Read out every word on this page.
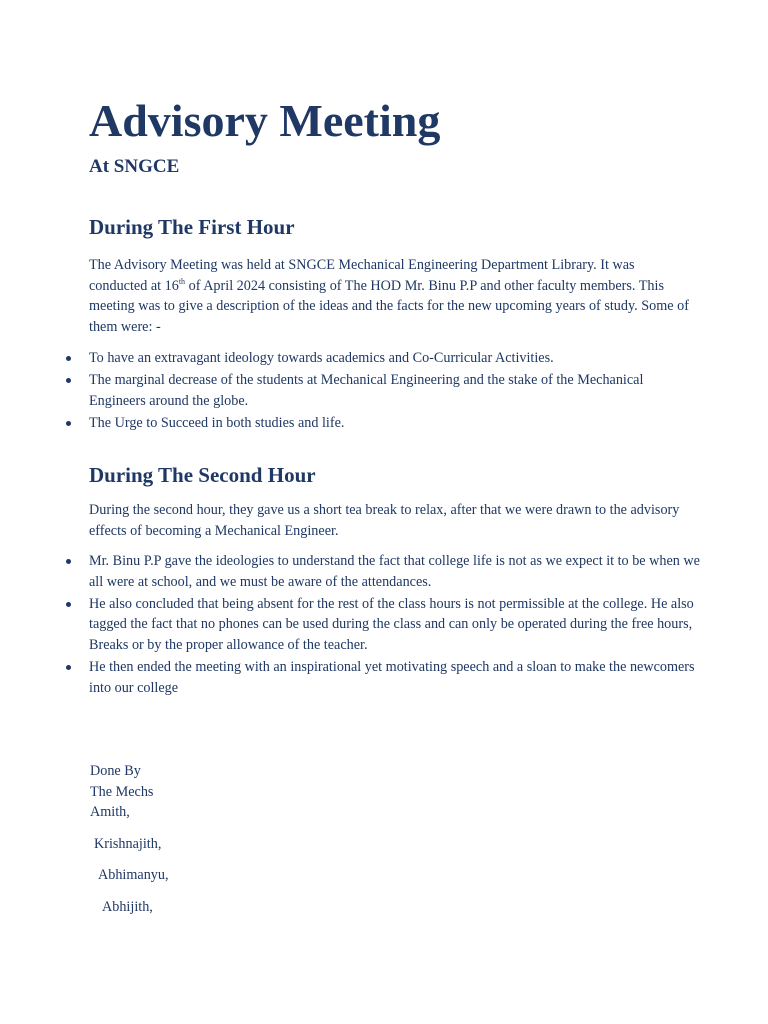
Advisory Meeting
At SNGCE
During The First Hour

The Advisory Meeting was held at SNGCE Mechanical Engineering Department Library. It was conducted at 16th of April 2024 consisting of The HOD Mr. Binu P.P and other faculty members. This meeting was to give a description of the ideas and the facts for the new upcoming years of study. Some of them were: -

To have an extravagant ideology towards academics and Co-Curricular Activities.
The marginal decrease of the students at Mechanical Engineering and the stake of the Mechanical Engineers around the globe.
The Urge to Succeed in both studies and life.
During The Second Hour

During the second hour, they gave us a short tea break to relax, after that we were drawn to the advisory effects of becoming a Mechanical Engineer.

Mr. Binu P.P gave the ideologies to understand the fact that college life is not as we expect it to be when we all were at school, and we must be aware of the attendances.
He also concluded that being absent for the rest of the class hours is not permissible at the college. He also tagged the fact that no phones can be used during the class and can only be operated during the free hours, Breaks or by the proper allowance of the teacher.
He then ended the meeting with an inspirational yet motivating speech and a sloan to make the newcomers into our college

Done By

The Mechs

Amith,

Krishnajith,

Abhimanyu,

Abhijith,
